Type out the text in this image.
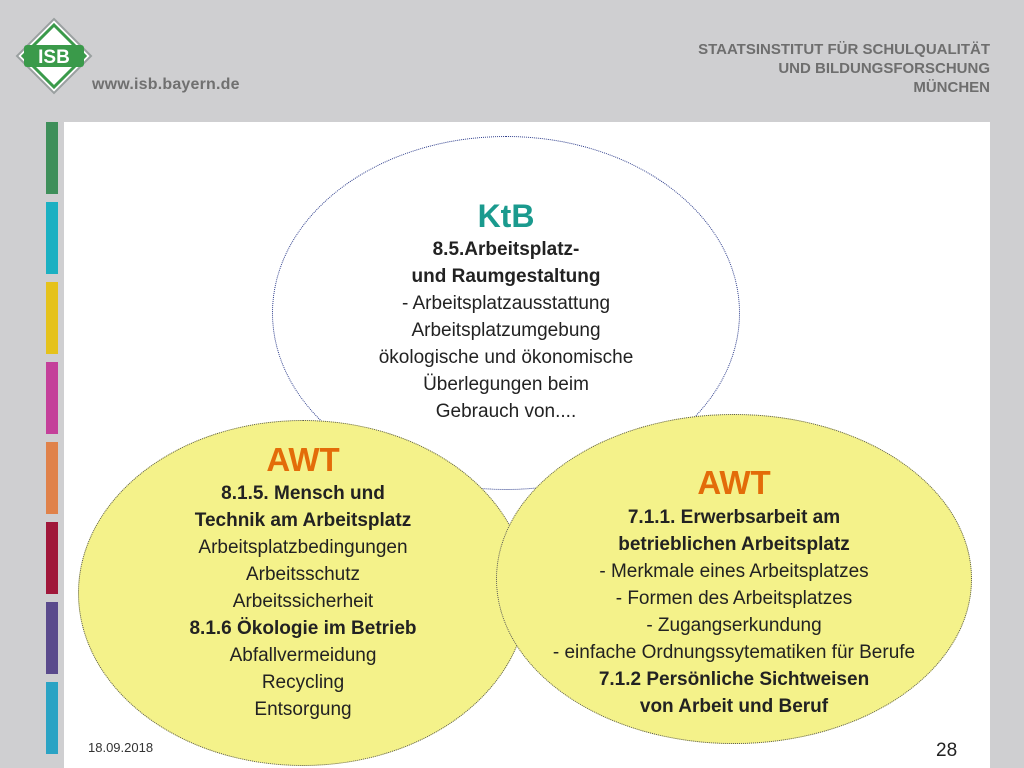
ISB
www.isb.bayern.de
STAATSINSTITUT FÜR SCHULQUALITÄT
UND BILDUNGSFORSCHUNG
MÜNCHEN
KtB
8.5.Arbeitsplatz-
und Raumgestaltung
- Arbeitsplatzausstattung
Arbeitsplatzumgebung
ökologische und ökonomische
Überlegungen beim
Gebrauch von....
AWT
8.1.5. Mensch und
Technik am Arbeitsplatz
Arbeitsplatzbedingungen
Arbeitsschutz
Arbeitssicherheit
8.1.6 Ökologie im Betrieb
Abfallvermeidung
Recycling
Entsorgung
AWT
7.1.1. Erwerbsarbeit am
betrieblichen Arbeitsplatz
- Merkmale eines Arbeitsplatzes
- Formen des Arbeitsplatzes
- Zugangserkundung
- einfache Ordnungssytematiken für Berufe
7.1.2 Persönliche Sichtweisen
von Arbeit und Beruf
18.09.2018	28
